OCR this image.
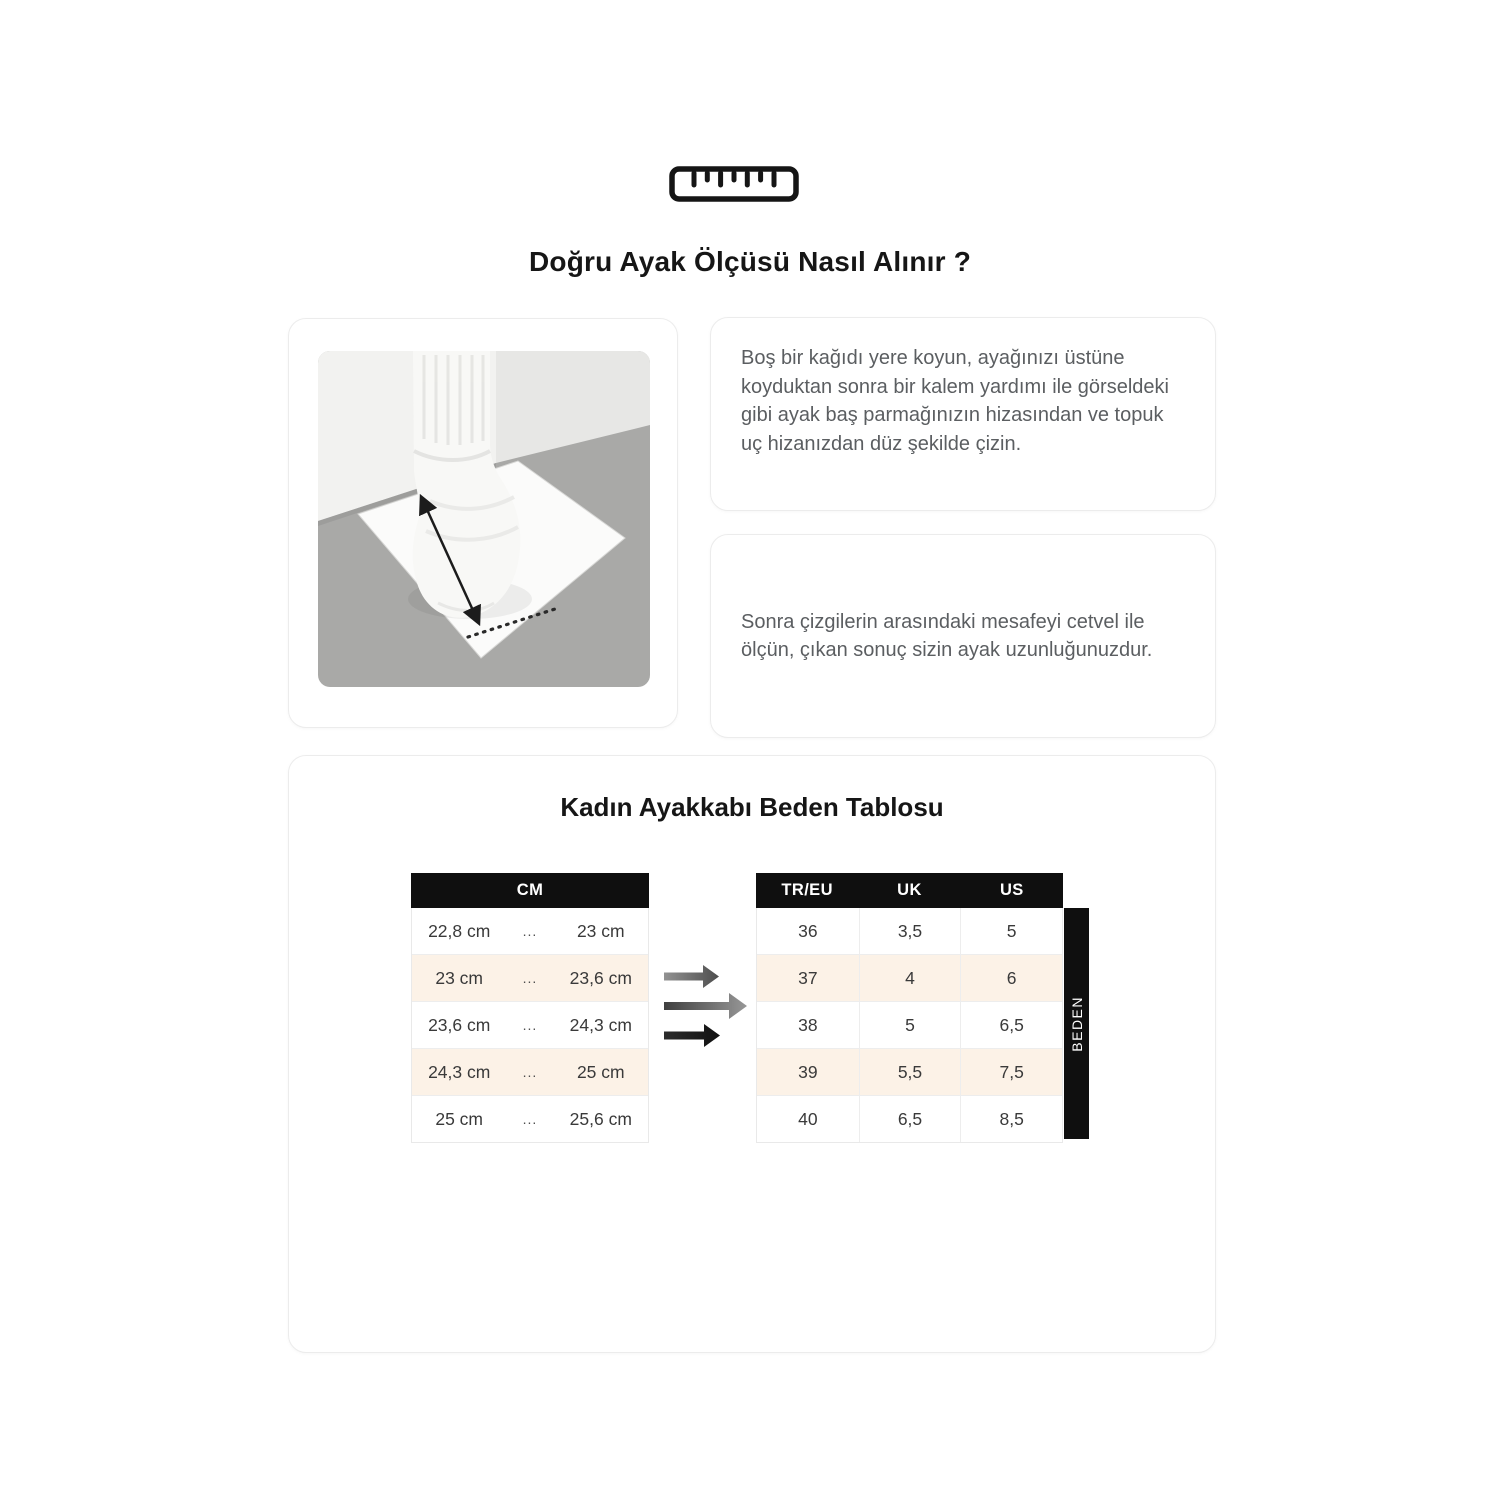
Doğru Ayak Ölçüsü Nasıl Alınır ?

Boş bir kağıdı yere koyun, ayağınızı üstüne koyduktan sonra bir kalem yardımı ile görseldeki gibi ayak baş parmağınızın hizasından ve topuk uç hizanızdan düz şekilde çizin.

Sonra çizgilerin arasındaki mesafeyi cetvel ile ölçün, çıkan sonuç sizin ayak uzunluğunuzdur.

Kadın Ayakkabı Beden Tablosu
CM
22,8 cm	...	23 cm
23 cm	...	23,6 cm
23,6 cm	...	24,3 cm
24,3 cm	...	25 cm
25 cm	...	25,6 cm
TR/EU	UK	US
36	3,5	5
37	4	6
38	5	6,5
39	5,5	7,5
40	6,5	8,5
BEDEN
